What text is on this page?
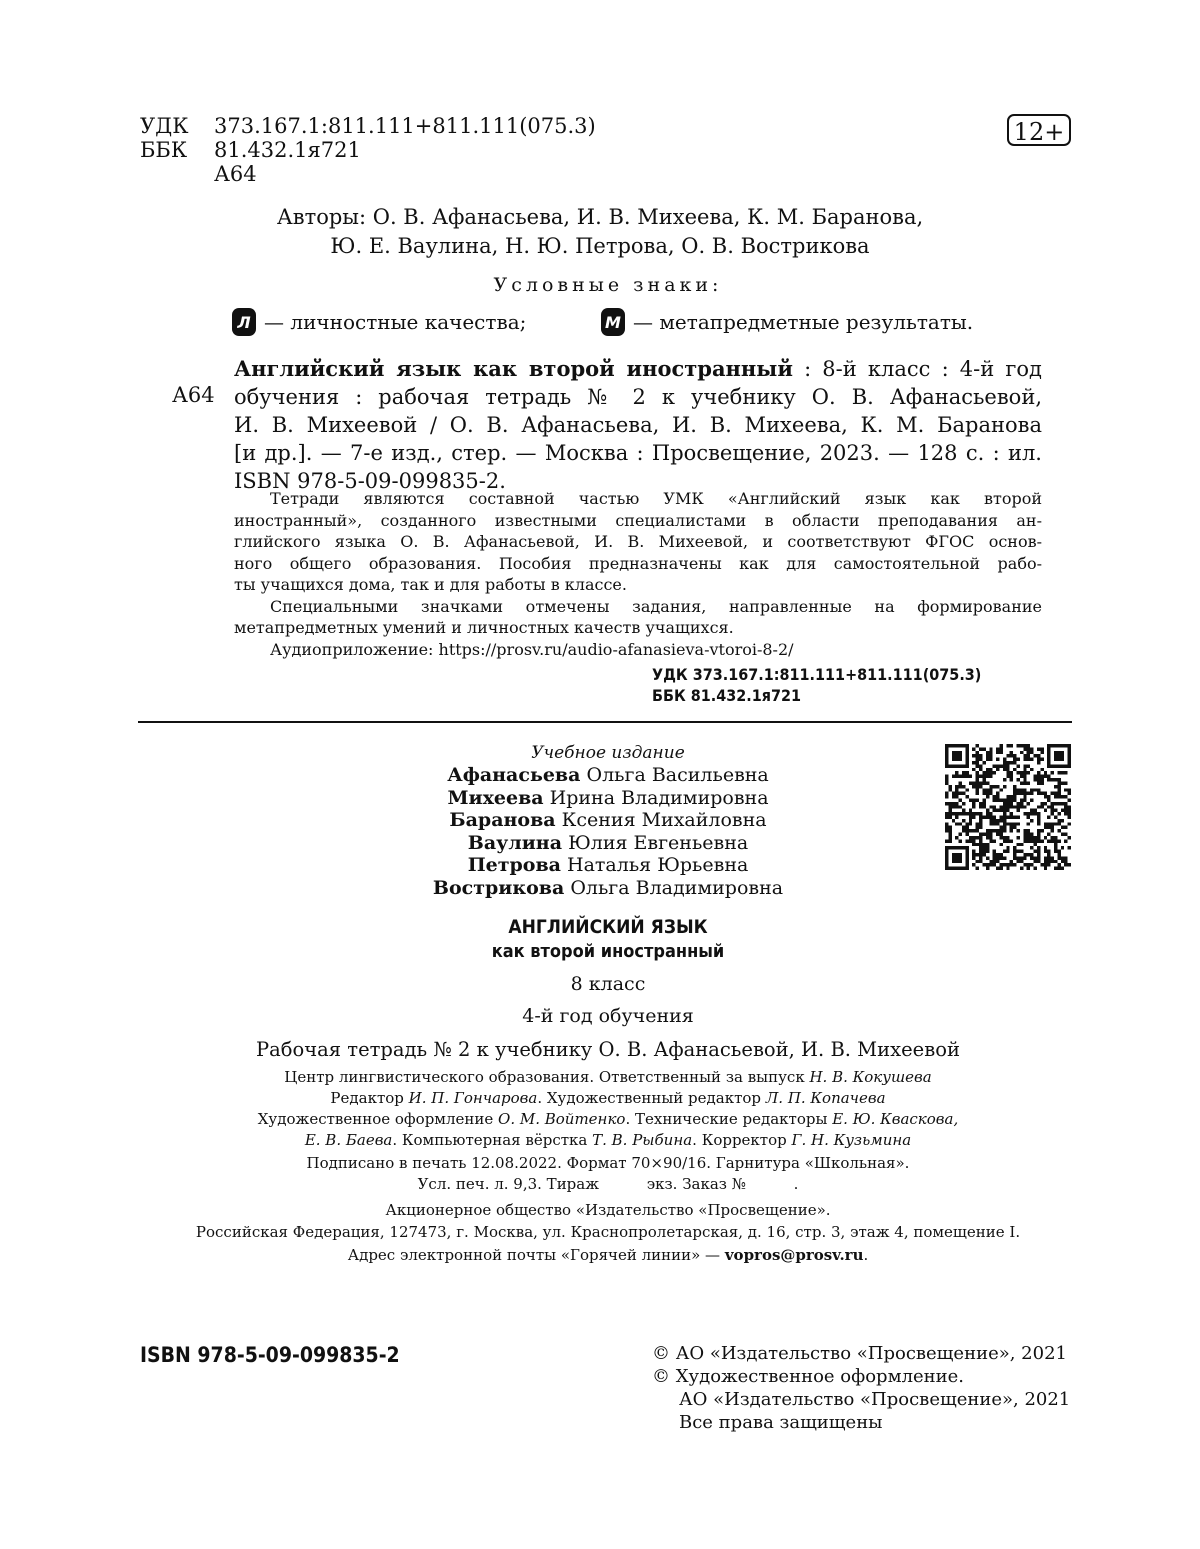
УДК	373.167.1:811.111+811.111(075.3)
ББК	81.432.1я721
А64
12+
Авторы: О. В. Афанасьева, И. В. Михеева, К. М. Баранова,
Ю. Е. Ваулина, Н. Ю. Петрова, О. В. Вострикова
Условные знаки:
Л — личностные качества;	М — метапредметные результаты.
А64
Английский язык как второй иностранный : 8-й класс : 4-й год
обучения : рабочая тетрадь № 2 к учебнику О. В. Афанасьевой,
И. В. Михеевой / О. В. Афанасьева, И. В. Михеева, К. М. Баранова
[и др.]. — 7-е изд., стер. — Москва : Просвещение, 2023. — 128 с. : ил.
ISBN 978-5-09-099835-2.
Тетради являются составной частью УМК «Английский язык как второй
иностранный», созданного известными специалистами в области преподавания ан-
глийского языка О. В. Афанасьевой, И. В. Михеевой, и соответствуют ФГОС основ-
ного общего образования. Пособия предназначены как для самостоятельной рабо-
ты учащихся дома, так и для работы в классе.
Специальными значками отмечены задания, направленные на формирование
метапредметных умений и личностных качеств учащихся.
Аудиоприложение: https://prosv.ru/audio-afanasieva-vtoroi-8-2/
УДК 373.167.1:811.111+811.111(075.3)
ББК 81.432.1я721
Учебное издание
Афанасьева Ольга Васильевна
Михеева Ирина Владимировна
Баранова Ксения Михайловна
Ваулина Юлия Евгеньевна
Петрова Наталья Юрьевна
Вострикова Ольга Владимировна
АНГЛИЙСКИЙ ЯЗЫК
как второй иностранный
8 класс
4-й год обучения
Рабочая тетрадь № 2 к учебнику О. В. Афанасьевой, И. В. Михеевой
Центр лингвистического образования. Ответственный за выпуск Н. В. Кокушева
Редактор И. П. Гончарова. Художественный редактор Л. П. Копачева
Художественное оформление О. М. Войтенко. Технические редакторы Е. Ю. Кваскова,
Е. В. Баева. Компьютерная вёрстка Т. В. Рыбина. Корректор Г. Н. Кузьмина
Подписано в печать 12.08.2022. Формат 70×90/16. Гарнитура «Школьная».
Усл. печ. л. 9,3. Тираж          экз. Заказ №          .
Акционерное общество «Издательство «Просвещение».
Российская Федерация, 127473, г. Москва, ул. Краснопролетарская, д. 16, стр. 3, этаж 4, помещение I.
Адрес электронной почты «Горячей линии» — vopros@prosv.ru.
ISBN 978-5-09-099835-2	© АО «Издательство «Просвещение», 2021
© Художественное оформление.
АО «Издательство «Просвещение», 2021
Все права защищены
